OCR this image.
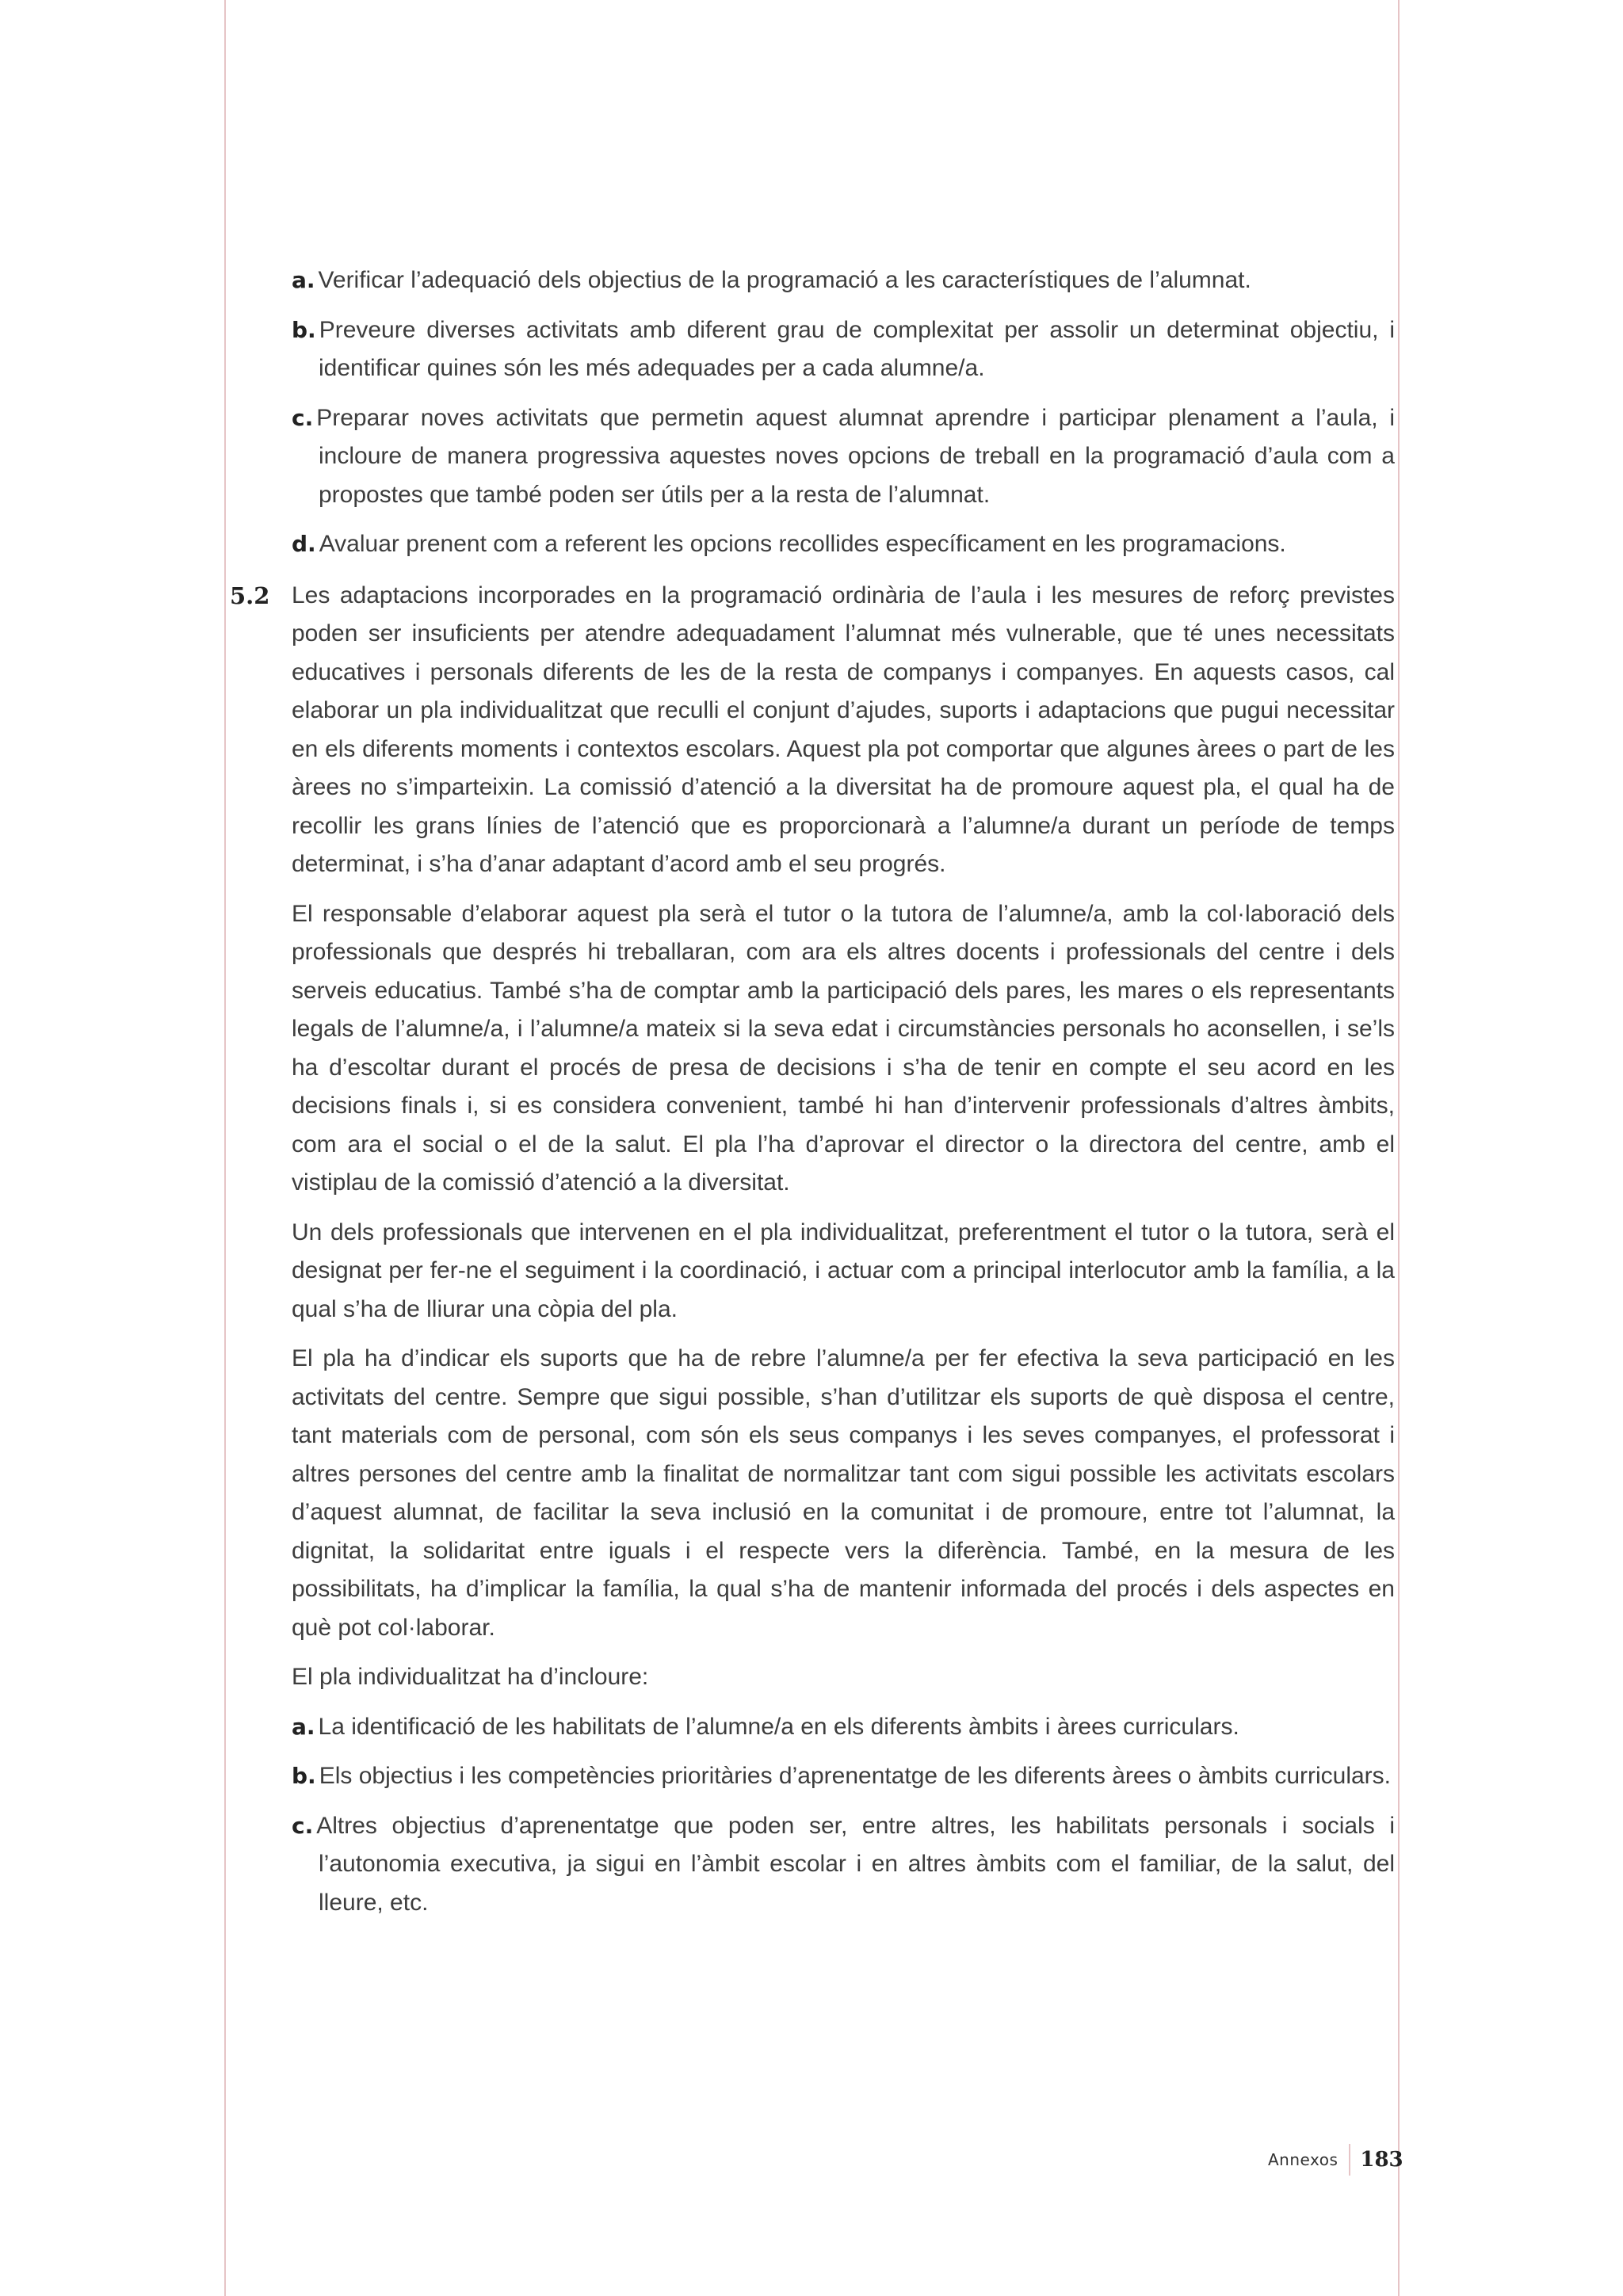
a. Verificar l’adequació dels objectius de la programació a les característiques de l’alumnat.

b. Preveure diverses activitats amb diferent grau de complexitat per assolir un determinat objectiu, i identificar quines són les més adequades per a cada alumne/a.

c. Preparar noves activitats que permetin aquest alumnat aprendre i participar plenament a l’aula, i incloure de manera progressiva aquestes noves opcions de treball en la programació d’aula com a propostes que també poden ser útils per a la resta de l’alumnat.

d. Avaluar prenent com a referent les opcions recollides específicament en les programacions.

5.2 Les adaptacions incorporades en la programació ordinària de l’aula i les mesures de reforç previstes poden ser insuficients per atendre adequadament l’alumnat més vulnerable, que té unes necessitats educatives i personals diferents de les de la resta de companys i companyes. En aquests casos, cal elaborar un pla individualitzat que reculli el conjunt d’ajudes, suports i adaptacions que pugui necessitar en els diferents moments i contextos escolars. Aquest pla pot comportar que algunes àrees o part de les àrees no s’imparteixin. La comissió d’atenció a la diversitat ha de promoure aquest pla, el qual ha de recollir les grans línies de l’atenció que es proporcionarà a l’alumne/a durant un període de temps determinat, i s’ha d’anar adaptant d’acord amb el seu progrés.

El responsable d’elaborar aquest pla serà el tutor o la tutora de l’alumne/a, amb la col·laboració dels professionals que després hi treballaran, com ara els altres docents i professionals del centre i dels serveis educatius. També s’ha de comptar amb la participació dels pares, les mares o els representants legals de l’alumne/a, i l’alumne/a mateix si la seva edat i circumstàncies personals ho aconsellen, i se’ls ha d’escoltar durant el procés de presa de decisions i s’ha de tenir en compte el seu acord en les decisions finals i, si es considera convenient, també hi han d’intervenir professionals d’altres àmbits, com ara el social o el de la salut. El pla l’ha d’aprovar el director o la directora del centre, amb el vistiplau de la comissió d’atenció a la diversitat.

Un dels professionals que intervenen en el pla individualitzat, preferentment el tutor o la tutora, serà el designat per fer-ne el seguiment i la coordinació, i actuar com a principal interlocutor amb la família, a la qual s’ha de lliurar una còpia del pla.

El pla ha d’indicar els suports que ha de rebre l’alumne/a per fer efectiva la seva participació en les activitats del centre. Sempre que sigui possible, s’han d’utilitzar els suports de què disposa el centre, tant materials com de personal, com són els seus companys i les seves companyes, el professorat i altres persones del centre amb la finalitat de normalitzar tant com sigui possible les activitats escolars d’aquest alumnat, de facilitar la seva inclusió en la comunitat i de promoure, entre tot l’alumnat, la dignitat, la solidaritat entre iguals i el respecte vers la diferència. També, en la mesura de les possibilitats, ha d’implicar la família, la qual s’ha de mantenir informada del procés i dels aspectes en què pot col·laborar.

El pla individualitzat ha d’incloure:

a. La identificació de les habilitats de l’alumne/a en els diferents àmbits i àrees curriculars.

b. Els objectius i les competències prioritàries d’aprenentatge de les diferents àrees o àmbits curriculars.

c. Altres objectius d’aprenentatge que poden ser, entre altres, les habilitats personals i socials i l’autonomia executiva, ja sigui en l’àmbit escolar i en altres àmbits com el familiar, de la salut, del lleure, etc.

Annexos 183
